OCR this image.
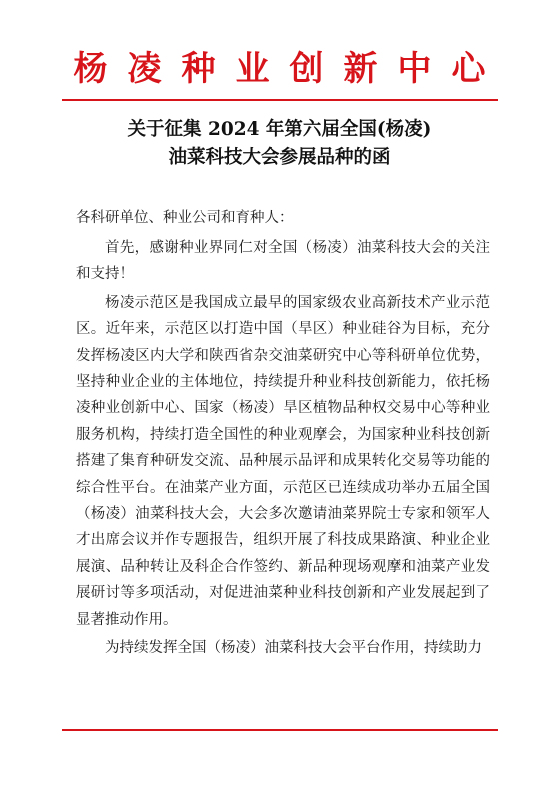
杨凌种业创新中心
关于征集 2024 年第六届全国(杨凌)
油菜科技大会参展品种的函
各科研单位、种业公司和育种人：

首先，感谢种业界同仁对全国（杨凌）油菜科技大会的关注和支持！

杨凌示范区是我国成立最早的国家级农业高新技术产业示范区。近年来，示范区以打造中国（旱区）种业硅谷为目标，充分发挥杨凌区内大学和陕西省杂交油菜研究中心等科研单位优势，坚持种业企业的主体地位，持续提升种业科技创新能力，依托杨凌种业创新中心、国家（杨凌）旱区植物品种权交易中心等种业服务机构，持续打造全国性的种业观摩会，为国家种业科技创新搭建了集育种研发交流、品种展示品评和成果转化交易等功能的综合性平台。在油菜产业方面，示范区已连续成功举办五届全国（杨凌）油菜科技大会，大会多次邀请油菜界院士专家和领军人才出席会议并作专题报告，组织开展了科技成果路演、种业企业展演、品种转让及科企合作签约、新品种现场观摩和油菜产业发展研讨等多项活动，对促进油菜种业科技创新和产业发展起到了显著推动作用。

为持续发挥全国（杨凌）油菜科技大会平台作用，持续助力
